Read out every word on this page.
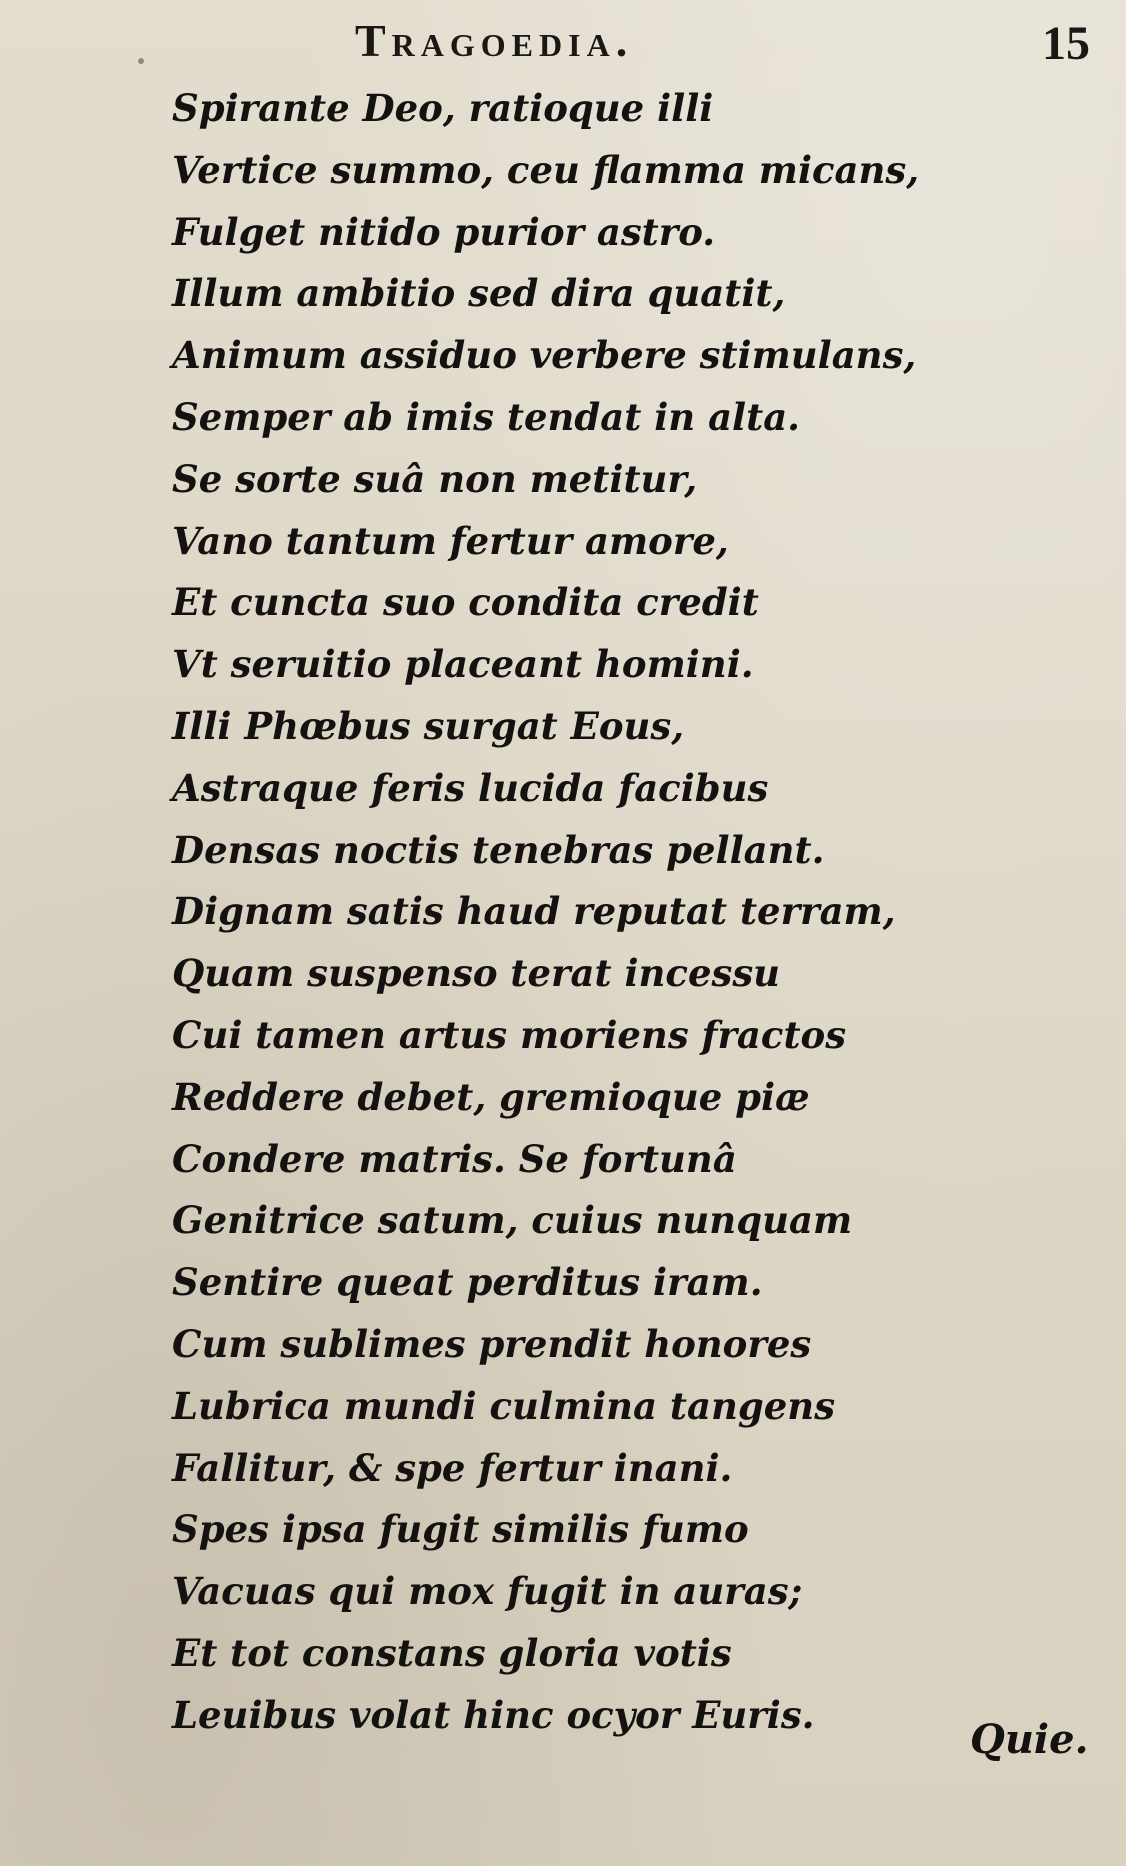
Tragoedia.	15
Spirante Deo, ratioque illi
Vertice summo, ceu flamma micans,
Fulget nitido purior astro.
Illum ambitio sed dira quatit,
Animum assiduo verbere stimulans,
Semper ab imis tendat in alta.
Se sorte suâ non metitur,
Vano tantum fertur amore,
Et cuncta suo condita credit
Vt seruitio placeant homini.
Illi Phœbus surgat Eous,
Astraque feris lucida facibus
Densas noctis tenebras pellant.
Dignam satis haud reputat terram,
Quam suspenso terat incessu
Cui tamen artus moriens fractos
Reddere debet, gremioque piæ
Condere matris. Se fortunâ
Genitrice satum, cuius nunquam
Sentire queat perditus iram.
Cum sublimes prendit honores
Lubrica mundi culmina tangens
Fallitur, & spe fertur inani.
Spes ipsa fugit similis fumo
Vacuas qui mox fugit in auras;
Et tot constans gloria votis
Leuibus volat hinc ocyor Euris.
Quie.
